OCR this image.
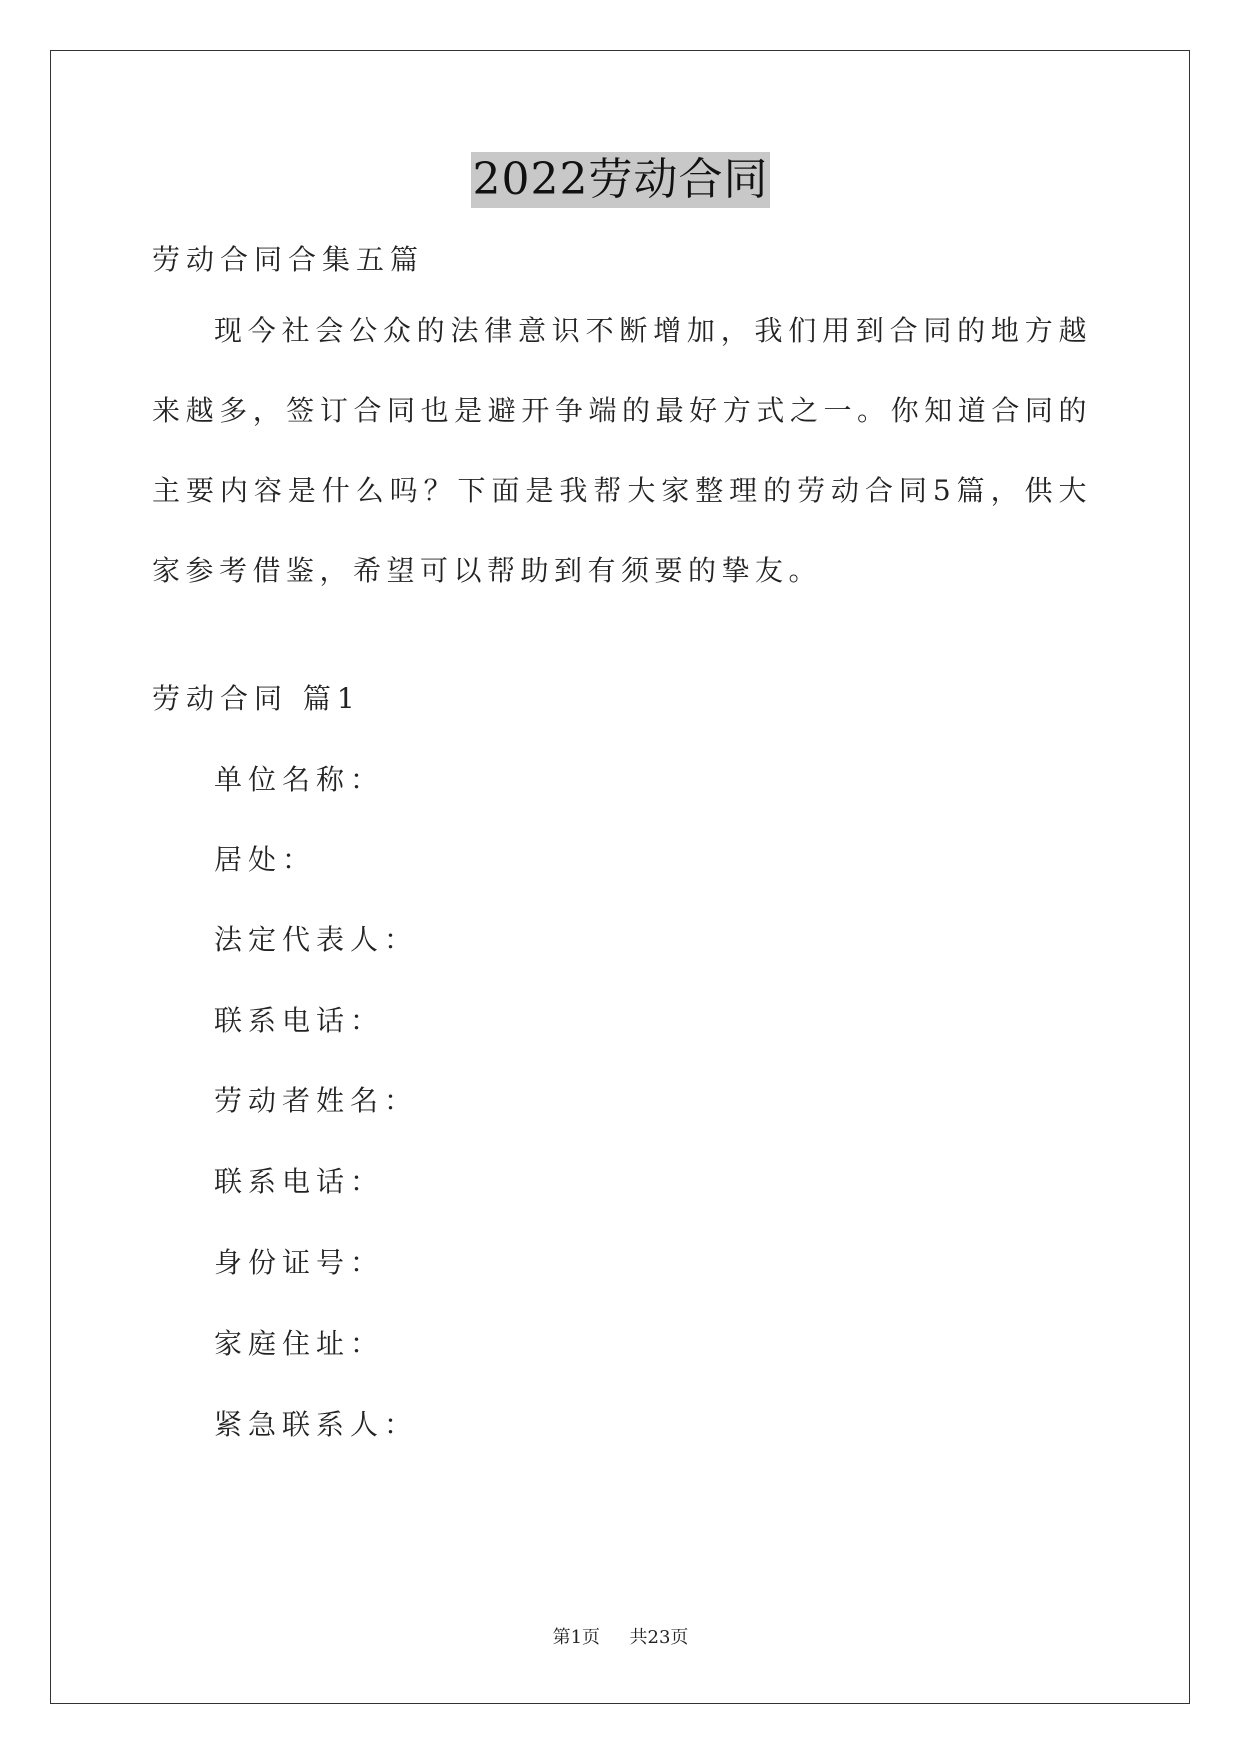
2022劳动合同
劳动合同合集五篇
现今社会公众的法律意识不断增加，我们用到合同的地方越来越多，签订合同也是避开争端的最好方式之一。你知道合同的主要内容是什么吗？下面是我帮大家整理的劳动合同5篇，供大家参考借鉴，希望可以帮助到有须要的挚友。
劳动合同 篇1
单位名称：
居处：
法定代表人：
联系电话：
劳动者姓名：
联系电话：
身份证号：
家庭住址：
紧急联系人：
第1页 共23页
